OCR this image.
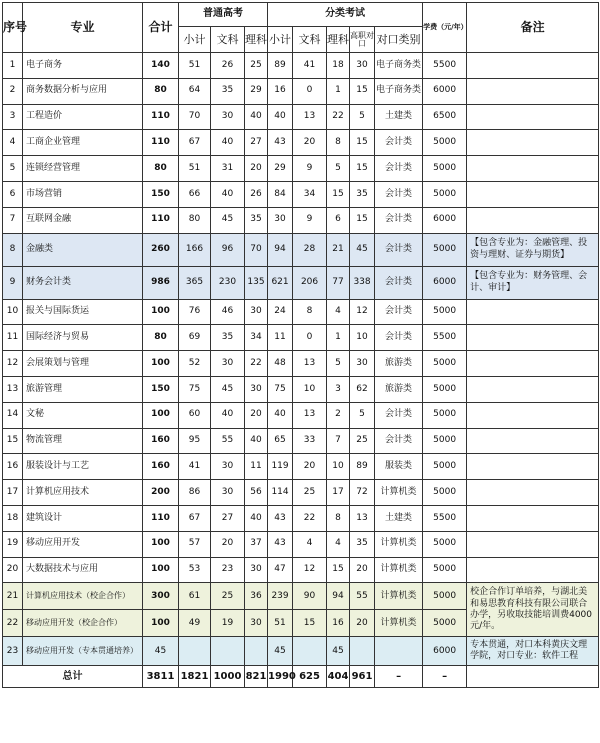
序号	专业	合计	普通高考			分类考试					学费（元/年）	备注
			小计	文科	理科	小计	文科	理科	高职对口	对口类别		
1	电子商务	140	51	26	25	89	41	18	30	电子商务类	5500	
2	商务数据分析与应用	80	64	35	29	16	0	1	15	电子商务类	6000	
3	工程造价	110	70	30	40	40	13	22	5	土建类	6500	
4	工商企业管理	110	67	40	27	43	20	8	15	会计类	5000	
5	连锁经营管理	80	51	31	20	29	9	5	15	会计类	5000	
6	市场营销	150	66	40	26	84	34	15	35	会计类	5000	
7	互联网金融	110	80	45	35	30	9	6	15	会计类	6000	
8	金融类	260	166	96	70	94	28	21	45	会计类	5000	【包含专业为：金融管理、投资与理财、证券与期货】
9	财务会计类	986	365	230	135	621	206	77	338	会计类	6000	【包含专业为：财务管理、会计、审计】
10	报关与国际货运	100	76	46	30	24	8	4	12	会计类	5000	
11	国际经济与贸易	80	69	35	34	11	0	1	10	会计类	5500	
12	会展策划与管理	100	52	30	22	48	13	5	30	旅游类	5000	
13	旅游管理	150	75	45	30	75	10	3	62	旅游类	5000	
14	文秘	100	60	40	20	40	13	2	5	会计类	5000	
15	物流管理	160	95	55	40	65	33	7	25	会计类	5000	
16	服装设计与工艺	160	41	30	11	119	20	10	89	服装类	5000	
17	计算机应用技术	200	86	30	56	114	25	17	72	计算机类	5000	
18	建筑设计	110	67	27	40	43	22	8	13	土建类	5500	
19	移动应用开发	100	57	20	37	43	4	4	35	计算机类	5000	
20	大数据技术与应用	100	53	23	30	47	12	15	20	计算机类	5000	
21	计算机应用技术（校企合作）	300	61	25	36	239	90	94	55	计算机类	5000	校企合作订单培养，与湖北美和易思教育科技有限公司联合办学，另收取技能培训费4000元/年。
22	移动应用开发（校企合作）	100	49	19	30	51	15	16	20	计算机类	5000	
23	移动应用开发（专本贯通培养）	45				45		45			6000	专本贯通，对口本科黄庆文理学院，对口专业：软件工程
总计		3811	1821	1000	821	1990	625	404	961	–	–	
